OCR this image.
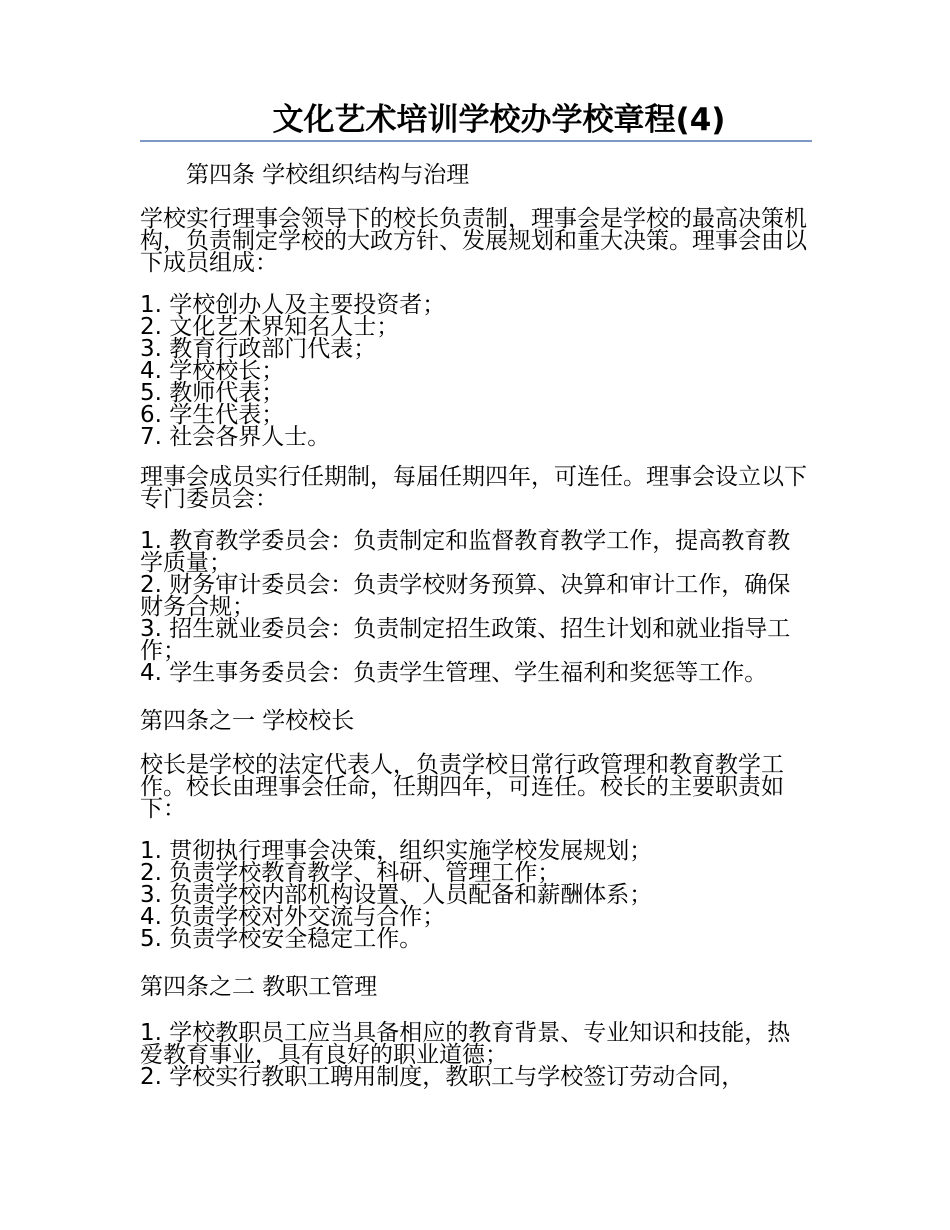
文化艺术培训学校办学校章程(4)
第四条 学校组织结构与治理

学校实行理事会领导下的校长负责制，理事会是学校的最高决策机构，负责制定学校的大政方针、发展规划和重大决策。理事会由以下成员组成：

1. 学校创办人及主要投资者；
2. 文化艺术界知名人士；
3. 教育行政部门代表；
4. 学校校长；
5. 教师代表；
6. 学生代表；
7. 社会各界人士。

理事会成员实行任期制，每届任期四年，可连任。理事会设立以下专门委员会：

1. 教育教学委员会：负责制定和监督教育教学工作，提高教育教学质量；
2. 财务审计委员会：负责学校财务预算、决算和审计工作，确保财务合规；
3. 招生就业委员会：负责制定招生政策、招生计划和就业指导工作；
4. 学生事务委员会：负责学生管理、学生福利和奖惩等工作。
第四条之一 学校校长

校长是学校的法定代表人，负责学校日常行政管理和教育教学工作。校长由理事会任命，任期四年，可连任。校长的主要职责如下：

1. 贯彻执行理事会决策，组织实施学校发展规划；
2. 负责学校教育教学、科研、管理工作；
3. 负责学校内部机构设置、人员配备和薪酬体系；
4. 负责学校对外交流与合作；
5. 负责学校安全稳定工作。
第四条之二 教职工管理
1. 学校教职员工应当具备相应的教育背景、专业知识和技能，热爱教育事业，具有良好的职业道德；
2. 学校实行教职工聘用制度，教职工与学校签订劳动合同，
